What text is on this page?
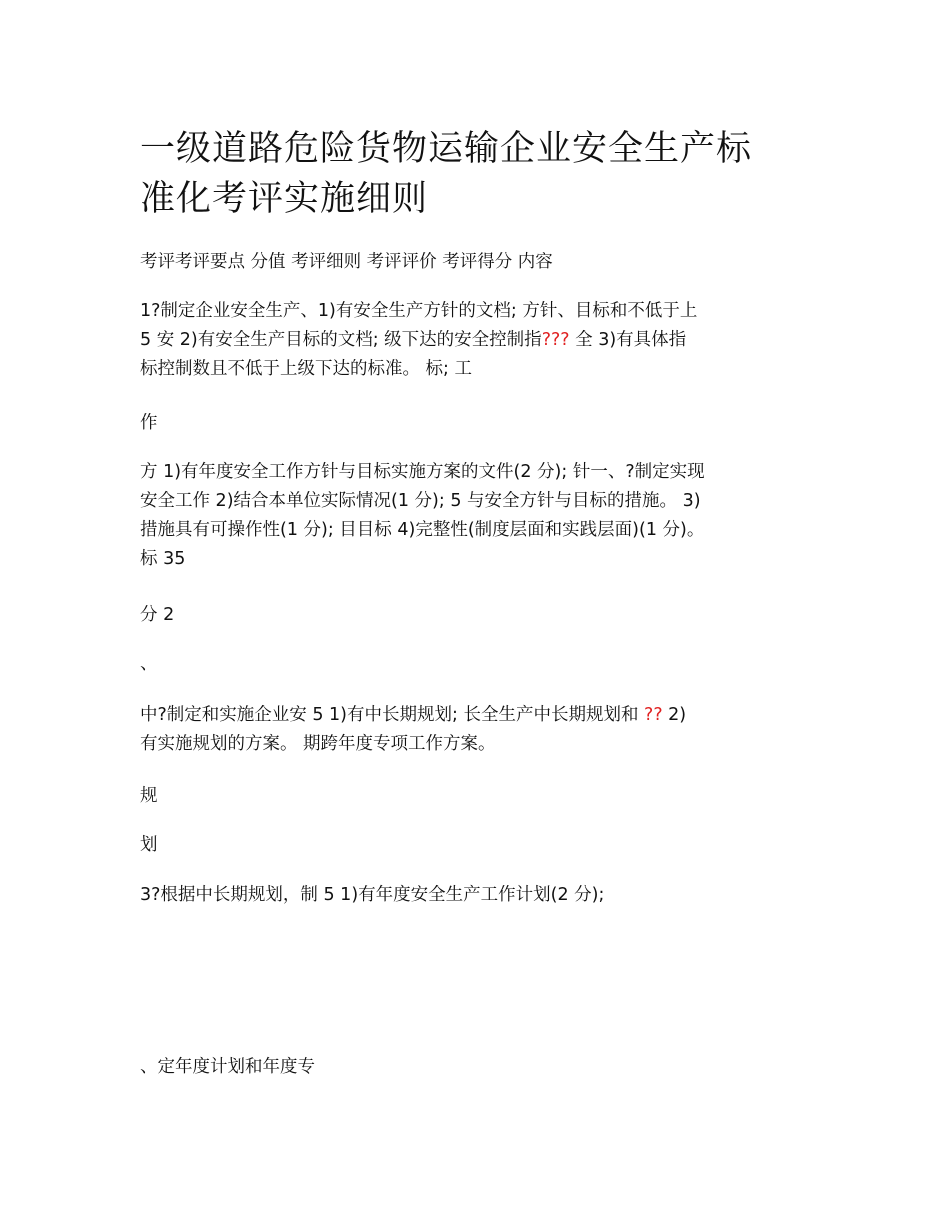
一级道路危险货物运输企业安全生产标
准化考评实施细则

考评考评要点 分值 考评细则 考评评价 考评得分 内容

1?制定企业安全生产、1)有安全生产方针的文档; 方针、目标和不低于上
5 安 2)有安全生产目标的文档; 级下达的安全控制指??? 全 3)有具体指
标控制数且不低于上级下达的标准。 标; 工

作

方 1)有年度安全工作方针与目标实施方案的文件(2 分); 针一、?制定实现
安全工作 2)结合本单位实际情况(1 分); 5 与安全方针与目标的措施。 3)
措施具有可操作性(1 分); 目目标 4)完整性(制度层面和实践层面)(1 分)。
标 35

分 2

、

中?制定和实施企业安 5 1)有中长期规划; 长全生产中长期规划和 ?? 2)
有实施规划的方案。 期跨年度专项工作方案。

规

划

3?根据中长期规划，制 5 1)有年度安全生产工作计划(2 分);

、定年度计划和年度专
